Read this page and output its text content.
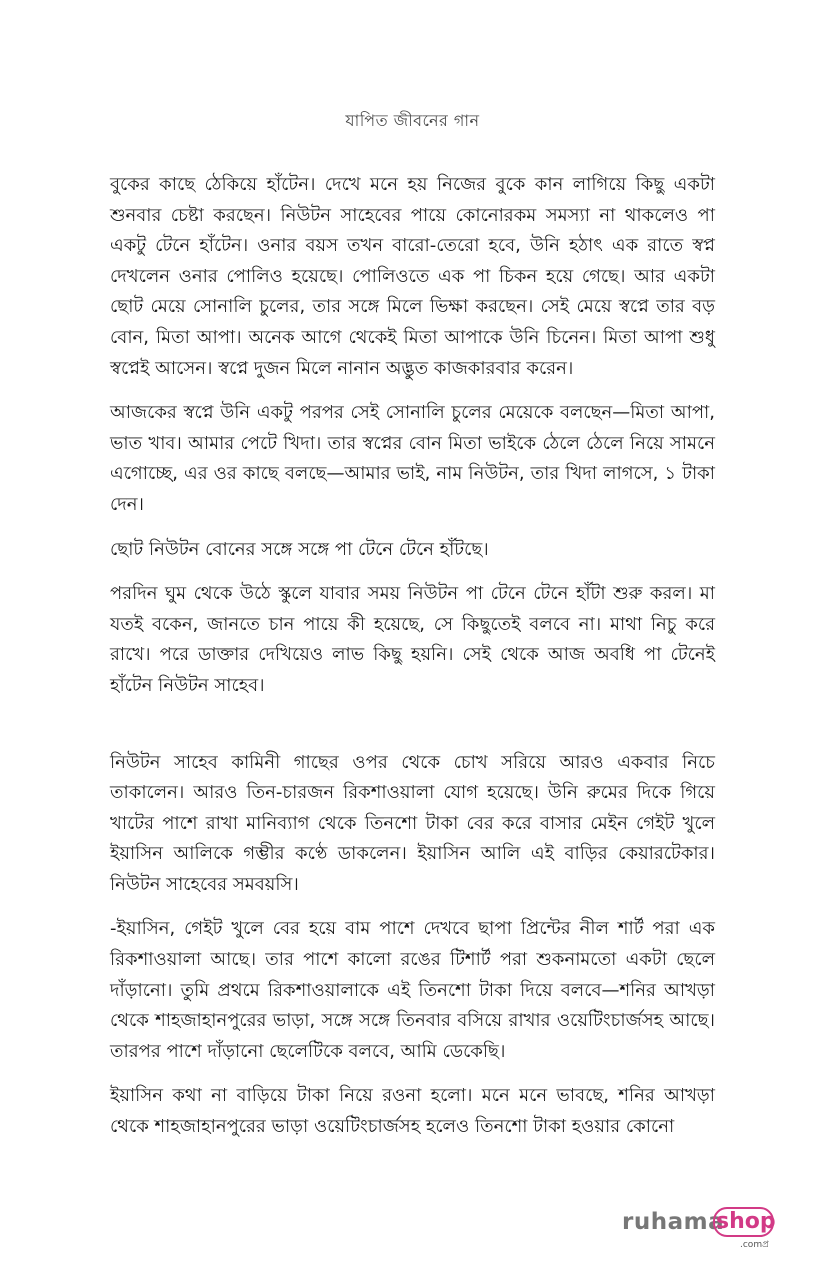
যাপিত জীবনের গান

বুকের কাছে ঠেকিয়ে হাঁটেন। দেখে মনে হয় নিজের বুকে কান লাগিয়ে কিছু একটা শুনবার চেষ্টা করছেন। নিউটন সাহেবের পায়ে কোনোরকম সমস্যা না থাকলেও পা একটু টেনে হাঁটেন। ওনার বয়স তখন বারো-তেরো হবে, উনি হঠাৎ এক রাতে স্বপ্ন দেখলেন ওনার পোলিও হয়েছে। পোলিওতে এক পা চিকন হয়ে গেছে। আর একটা ছোট মেয়ে সোনালি চুলের, তার সঙ্গে মিলে ভিক্ষা করছেন। সেই মেয়ে স্বপ্নে তার বড় বোন, মিতা আপা। অনেক আগে থেকেই মিতা আপাকে উনি চিনেন। মিতা আপা শুধু স্বপ্নেই আসেন। স্বপ্নে দুজন মিলে নানান অদ্ভুত কাজকারবার করেন।

আজকের স্বপ্নে উনি একটু পরপর সেই সোনালি চুলের মেয়েকে বলছেন—মিতা আপা, ভাত খাব। আমার পেটে খিদা। তার স্বপ্নের বোন মিতা ভাইকে ঠেলে ঠেলে নিয়ে সামনে এগোচ্ছে, এর ওর কাছে বলছে—আমার ভাই, নাম নিউটন, তার খিদা লাগসে, ১ টাকা দেন।

ছোট নিউটন বোনের সঙ্গে সঙ্গে পা টেনে টেনে হাঁটছে।

পরদিন ঘুম থেকে উঠে স্কুলে যাবার সময় নিউটন পা টেনে টেনে হাঁটা শুরু করল। মা যতই বকেন, জানতে চান পায়ে কী হয়েছে, সে কিছুতেই বলবে না। মাথা নিচু করে রাখে। পরে ডাক্তার দেখিয়েও লাভ কিছু হয়নি। সেই থেকে আজ অবধি পা টেনেই হাঁটেন নিউটন সাহেব।

নিউটন সাহেব কামিনী গাছের ওপর থেকে চোখ সরিয়ে আরও একবার নিচে তাকালেন। আরও তিন-চারজন রিকশাওয়ালা যোগ হয়েছে। উনি রুমের দিকে গিয়ে খাটের পাশে রাখা মানিব্যাগ থেকে তিনশো টাকা বের করে বাসার মেইন গেইট খুলে ইয়াসিন আলিকে গম্ভীর কণ্ঠে ডাকলেন। ইয়াসিন আলি এই বাড়ির কেয়ারটেকার। নিউটন সাহেবের সমবয়সি।

-ইয়াসিন, গেইট খুলে বের হয়ে বাম পাশে দেখবে ছাপা প্রিন্টের নীল শার্ট পরা এক রিকশাওয়ালা আছে। তার পাশে কালো রঙের টিশার্ট পরা শুকনামতো একটা ছেলে দাঁড়ানো। তুমি প্রথমে রিকশাওয়ালাকে এই তিনশো টাকা দিয়ে বলবে—শনির আখড়া থেকে শাহজাহানপুরের ভাড়া, সঙ্গে সঙ্গে তিনবার বসিয়ে রাখার ওয়েটিংচার্জসহ আছে। তারপর পাশে দাঁড়ানো ছেলেটিকে বলবে, আমি ডেকেছি।

ইয়াসিন কথা না বাড়িয়ে টাকা নিয়ে রওনা হলো। মনে মনে ভাবছে, শনির আখড়া থেকে শাহজাহানপুরের ভাড়া ওয়েটিংচার্জসহ হলেও তিনশো টাকা হওয়ার কোনো

ruhama
shop
.comপ্র
